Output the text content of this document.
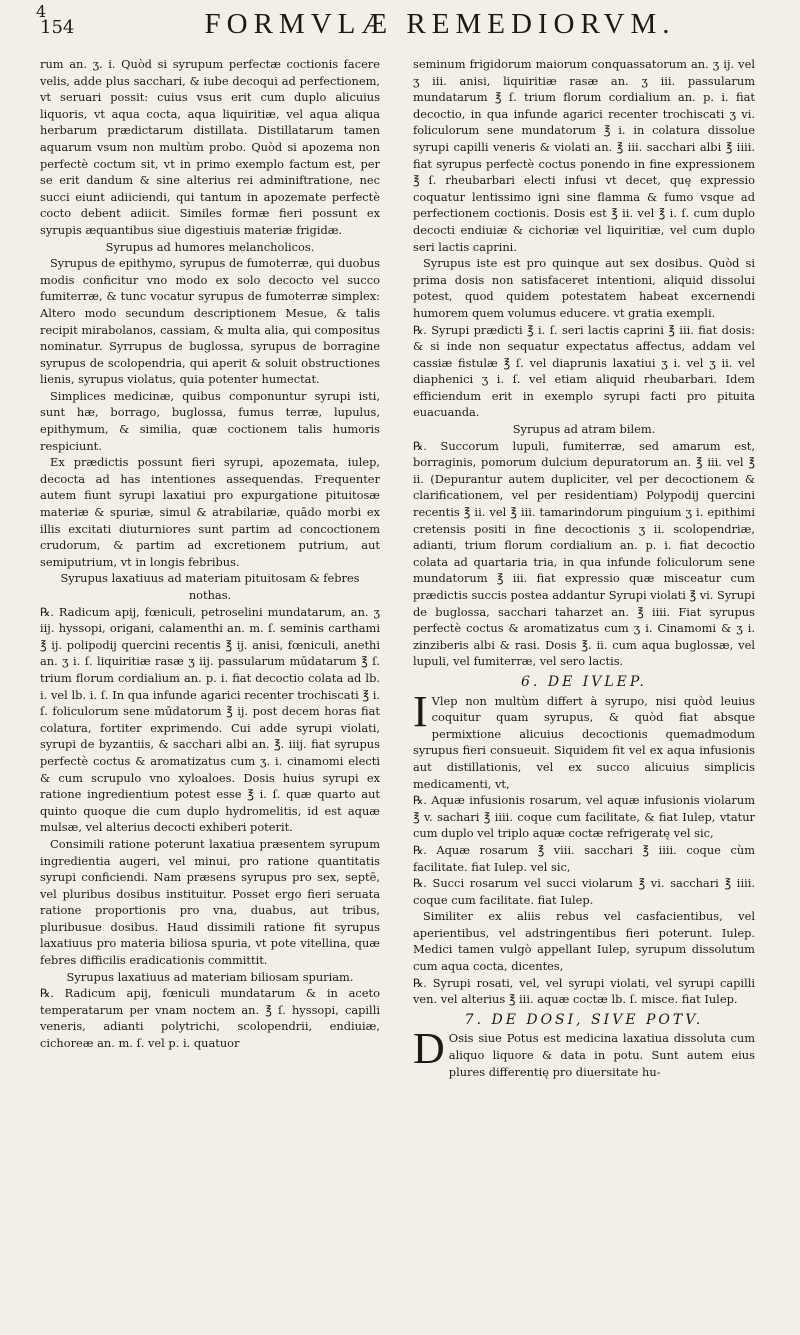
4
154	FORMVLÆ REMEDIORVM.

rum an. ʒ. i. Quòd si syrupum perfectæ coctionis facere velis, adde plus sacchari, & iube decoqui ad perfectionem, vt seruari possit: cuius vsus erit cum duplo alicuius liquoris, vt aqua cocta, aqua liquiritiæ, vel aqua aliqua herbarum prædictarum distillata. Distillatarum tamen aquarum vsum non multùm probo. Quòd si apozema non perfectè coctum sit, vt in primo exemplo factum est, per se erit dandum & sine alterius rei adminiftratione, nec succi eiunt adiiciendi, qui tantum in apozemate perfectè cocto debent adiicit. Similes formæ fieri possunt ex syrupis æquantibus siue digestiuis materiæ frigidæ.

Syrupus ad humores melancholicos.

Syrupus de epithymo, syrupus de fumoterræ, qui duobus modis conficitur vno modo ex solo decocto vel succo fumiterræ, & tunc vocatur syrupus de fumoterræ simplex: Altero modo secundum descriptionem Mesue, & talis recipit mirabolanos, cassiam, & multa alia, qui compositus nominatur. Syrrupus de buglossa, syrupus de borragine syrupus de scolopendria, qui aperit & soluit obstructiones lienis, syrupus violatus, quia potenter humectat.

Simplices medicinæ, quibus componuntur syrupi isti, sunt hæ, borrago, buglossa, fumus terræ, lupulus, epithymum, & similia, quæ coctionem talis humoris respiciunt.

Ex prædictis possunt fieri syrupi, apozemata, iulep, decocta ad has intentiones assequendas. Frequenter autem fiunt syrupi laxatiui pro expurgatione pituitosæ materiæ & spuriæ, simul & atrabilariæ, quādo morbi ex illis excitati diuturniores sunt partim ad concoctionem crudorum, & partim ad excretionem putrium, aut semiputrium, vt in longis febribus.

Syrupus laxatiuus ad materiam pituitosam & febres nothas.

℞. Radicum apij, fœniculi, petroselini mundatarum, an. ʒ iij. hyssopi, origani, calamenthi an. m. ſ. seminis carthami ℥ ij. polipodij quercini recentis ℥ ij. anisi, fœniculi, anethi an. ʒ i. ſ. liquiritiæ rasæ ʒ iij. passularum mūdatarum ℥ ſ. trium florum cordialium an. p. i. fiat decoctio colata ad lb. i. vel lb. i. ſ. In qua infunde agarici recenter trochiscati ℥ i. ſ. foliculorum sene mūdatorum ℥ ij. post decem horas fiat colatura, fortiter exprimendo. Cui adde syrupi violati, syrupi de byzantiis, & sacchari albi an. ℥. iiij. fiat syrupus perfectè coctus & aromatizatus cum ʒ. i. cinamomi electi & cum scrupulo vno xyloaloes. Dosis huius syrupi ex ratione ingredientium potest esse ℥ i. ſ. quæ quarto aut quinto quoque die cum duplo hydromelitis, id est aquæ mulsæ, vel alterius decocti exhiberi poterit.

Consimili ratione poterunt laxatiua præsentem syrupum ingredientia augeri, vel minui, pro ratione quantitatis syrupi conficiendi. Nam præsens syrupus pro sex, septē, vel pluribus dosibus instituitur. Posset ergo fieri seruata ratione proportionis pro vna, duabus, aut tribus, pluribusue dosibus. Haud dissimili ratione fit syrupus laxatiuus pro materia biliosa spuria, vt pote vitellina, quæ febres difficilis eradicationis committit.

Syrupus laxatiuus ad materiam biliosam spuriam.

℞. Radicum apij, fœniculi mundatarum & in aceto temperatarum per vnam noctem an. ℥ ſ. hyssopi, capilli veneris, adianti polytrichi, scolopendrii, endiuiæ, cichoreæ an. m. ſ. vel p. i. quatuor

seminum frigidorum maiorum conquassatorum an. ʒ ij. vel ʒ iii. anisi, liquiritiæ rasæ an. ʒ iii. passularum mundatarum ℥ ſ. trium florum cordialium an. p. i. fiat decoctio, in qua infunde agarici recenter trochiscati ʒ vi. foliculorum sene mundatorum ℥ i. in colatura dissolue syrupi capilli veneris & violati an. ℥ iii. sacchari albi ℥ iiii. fiat syrupus perfectè coctus ponendo in fine expressionem ℥ ſ. rheubarbari electi infusi vt decet, quę expressio coquatur lentissimo igni sine flamma & fumo vsque ad perfectionem coctionis. Dosis est ℥ ii. vel ℥ i. ſ. cum duplo decocti endiuiæ & cichoriæ vel liquiritiæ, vel cum duplo seri lactis caprini.

Syrupus iste est pro quinque aut sex dosibus. Quòd si prima dosis non satisfaceret intentioni, aliquid dissolui potest, quod quidem potestatem habeat excernendi humorem quem volumus educere. vt gratia exempli.

℞. Syrupi prædicti ℥ i. ſ. seri lactis caprini ℥ iii. fiat dosis: & si inde non sequatur expectatus affectus, addam vel cassiæ fistulæ ℥ ſ. vel diaprunis laxatiui ʒ i. vel ʒ ii. vel diaphenici ʒ i. ſ. vel etiam aliquid rheubarbari. Idem efficiendum erit in exemplo syrupi facti pro pituita euacuanda.

Syrupus ad atram bilem.

℞. Succorum lupuli, fumiterræ, sed amarum est, borraginis, pomorum dulcium depuratorum an. ℥ iii. vel ℥ ii. (Depurantur autem dupliciter, vel per decoctionem & clarificationem, vel per residentiam) Polypodij quercini recentis ℥ ii. vel ℥ iii. tamarindorum pinguium ʒ i. epithimi cretensis positi in fine decoctionis ʒ ii. scolopendriæ, adianti, trium florum cordialium an. p. i. fiat decoctio colata ad quartaria tria, in qua infunde foliculorum sene mundatorum ℥ iii. fiat expressio quæ misceatur cum prædictis succis postea addantur Syrupi violati ℥ vi. Syrupi de buglossa, sacchari taharzet an. ℥ iiii. Fiat syrupus perfectè coctus & aromatizatus cum ʒ i. Cinamomi & ʒ i. zinziberis albi & rasi. Dosis ℥. ii. cum aqua buglossæ, vel lupuli, vel fumiterræ, vel sero lactis.

6. DE IVLEP.

I Vlep non multùm differt à syrupo, nisi quòd leuius coquitur quam syrupus, & quòd fiat absque permixtione alicuius decoctionis quemadmodum syrupus fieri consueuit. Siquidem fit vel ex aqua infusionis aut distillationis, vel ex succo alicuius simplicis medicamenti, vt,

℞. Aquæ infusionis rosarum, vel aquæ infusionis violarum ℥ v. sachari ℥ iiii. coque cum facilitate, & fiat Iulep, vtatur cum duplo vel triplo aquæ coctæ refrigeratę vel sic,

℞. Aquæ rosarum ℥ viii. sacchari ℥ iiii. coque cùm facilitate. fiat Iulep. vel sic,

℞. Succi rosarum vel succi violarum ℥ vi. sacchari ℥ iiii. coque cum facilitate. fiat Iulep.

Similiter ex aliis rebus vel casfacientibus, vel aperientibus, vel adstringentibus fieri poterunt. Iulep. Medici tamen vulgò appellant Iulep, syrupum dissolutum cum aqua cocta, dicentes,

℞. Syrupi rosati, vel, vel syrupi violati, vel syrupi capilli ven. vel alterius ℥ iii. aquæ coctæ lb. ſ. misce. fiat Iulep.

7. DE DOSI, SIVE POTV.

D Osis siue Potus est medicina laxatiua dissoluta cum aliquo liquore & data in potu. Sunt autem eius plures differentię pro diuersitate hu-
